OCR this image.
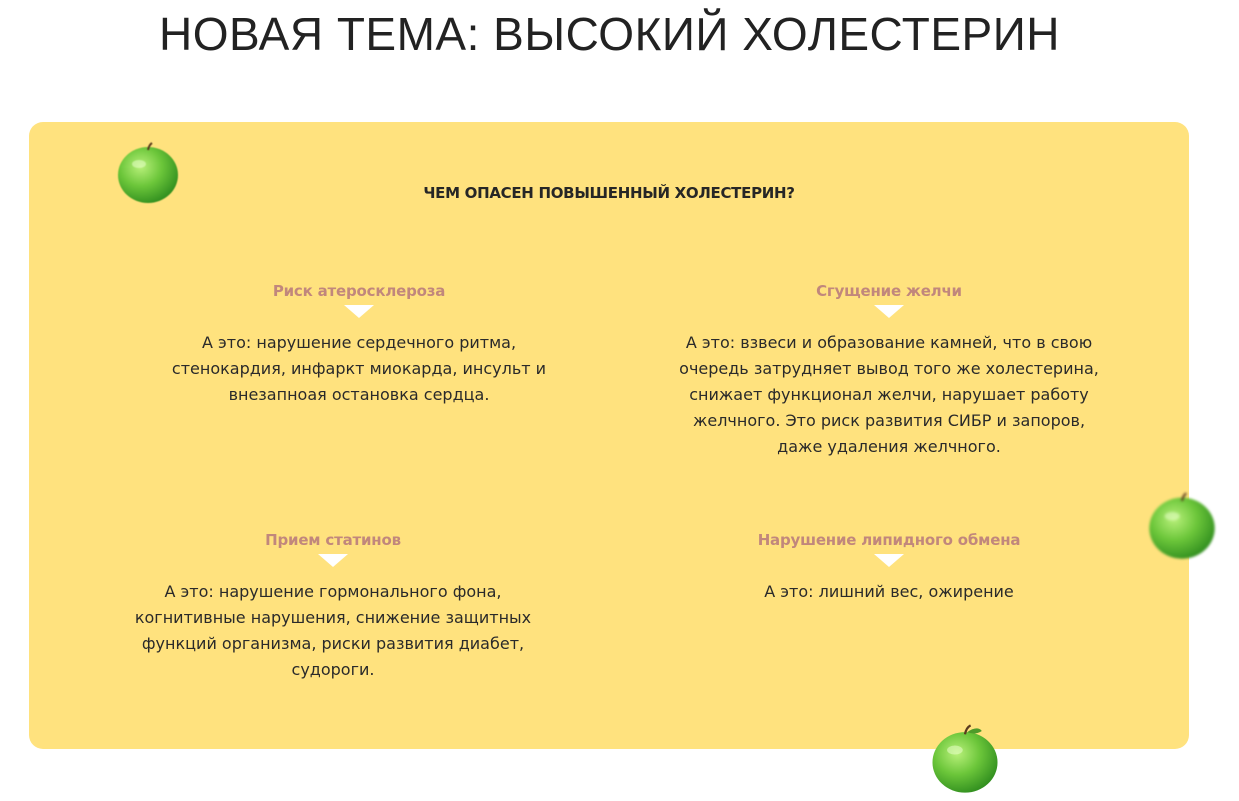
НОВАЯ ТЕМА: ВЫСОКИЙ ХОЛЕСТЕРИН
ЧЕМ ОПАСЕН ПОВЫШЕННЫЙ ХОЛЕСТЕРИН?
Риск атеросклероза
А это: нарушение сердечного ритма, стенокардия, инфаркт миокарда, инсульт и внезапноая остановка сердца.
Сгущение желчи
А это: взвеси и образование камней, что в свою очередь затрудняет вывод того же холестерина, снижает функционал желчи, нарушает работу желчного. Это риск развития СИБР и запоров, даже удаления желчного.
Прием статинов
А это: нарушение гормонального фона, когнитивные нарушения, снижение защитных функций организма, риски развития диабет, судороги.
Нарушение липидного обмена
А это: лишний вес, ожирение
